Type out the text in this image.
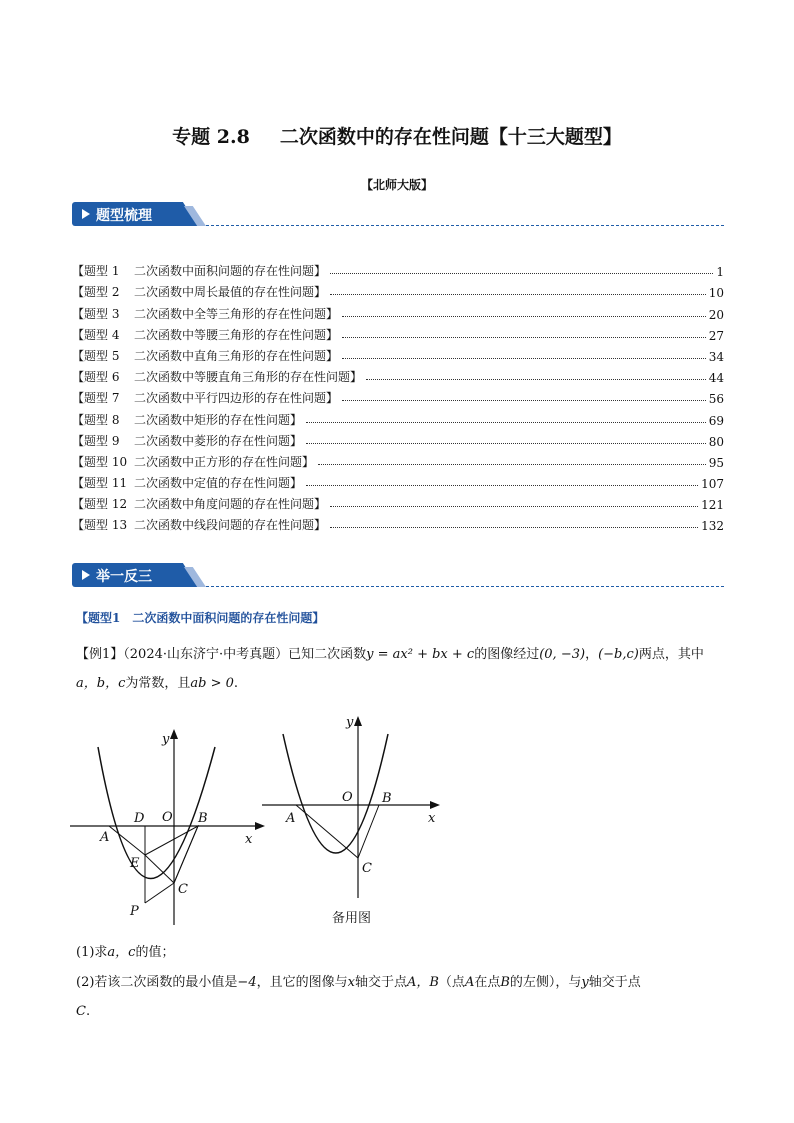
专题 2.8 二次函数中的存在性问题【十三大题型】
【北师大版】
题型梳理
【题型 1	二次函数中面积问题的存在性问题】	1
【题型 2	二次函数中周长最值的存在性问题】	10
【题型 3	二次函数中全等三角形的存在性问题】	20
【题型 4	二次函数中等腰三角形的存在性问题】	27
【题型 5	二次函数中直角三角形的存在性问题】	34
【题型 6	二次函数中等腰直角三角形的存在性问题】	44
【题型 7	二次函数中平行四边形的存在性问题】	56
【题型 8	二次函数中矩形的存在性问题】	69
【题型 9	二次函数中菱形的存在性问题】	80
【题型 10 二次函数中正方形的存在性问题】	95
【题型 11 二次函数中定值的存在性问题】	107
【题型 12 二次函数中角度问题的存在性问题】	121
【题型 13 二次函数中线段问题的存在性问题】	132
举一反三
【题型1　二次函数中面积问题的存在性问题】
【例1】（2024·山东济宁·中考真题）已知二次函数y = ax² + bx + c的图像经过(0, −3)，(−b,c)两点，其中
a，b，c为常数，且ab > 0.
y
x
O
A
B
D
E
C
P
y
x
O
A
B
C
备用图
(1)求a，c的值；
(2)若该二次函数的最小值是−4，且它的图像与x轴交于点A，B（点A在点B的左侧），与y轴交于点
C.
